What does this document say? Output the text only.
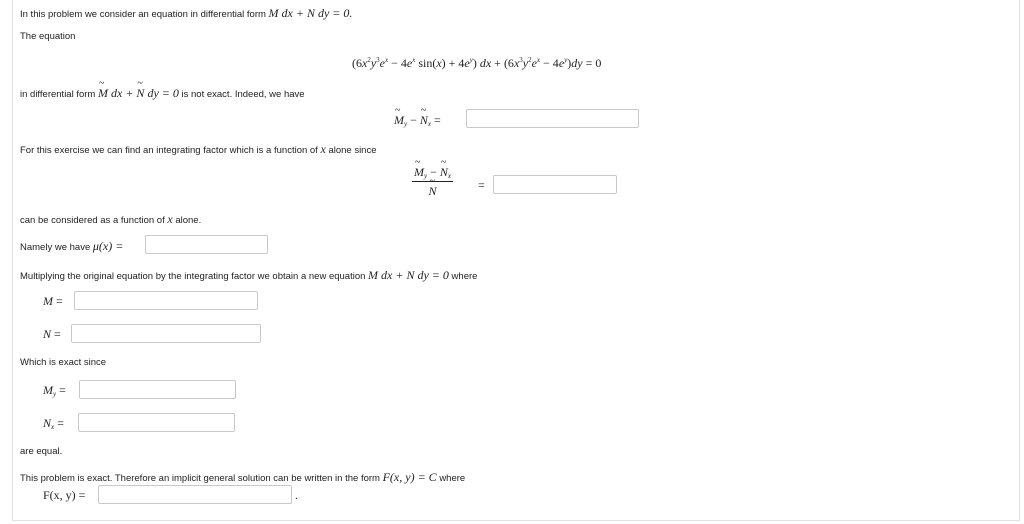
In this problem we consider an equation in differential form M dx + N dy = 0.
The equation
($6x^2y^3e^x - 4e^x$ $\sin(x) + 4e^y$) dx + $(6x^3y^2e^x - 4e^y)dy = 0$
in differential form ~ M dx + ~ N dy = 0 is not exact. Indeed, we have
~ $M_y$ − ~ $N_x$ =
For this exercise we can find an integrating factor which is a function of x alone since
~ $M_y$ − ~ $N_x$
~ N =
can be considered as a function of x alone.
Namely we have μ(x) =
Multiplying the original equation by the integrating factor we obtain a new equation M dx + N dy = 0 where
M =
N =
Which is exact since
$M_y$ =
$N_x$ =
are equal.
This problem is exact. Therefore an implicit general solution can be written in the form F(x, y) = C where
F(x, y) =	.
